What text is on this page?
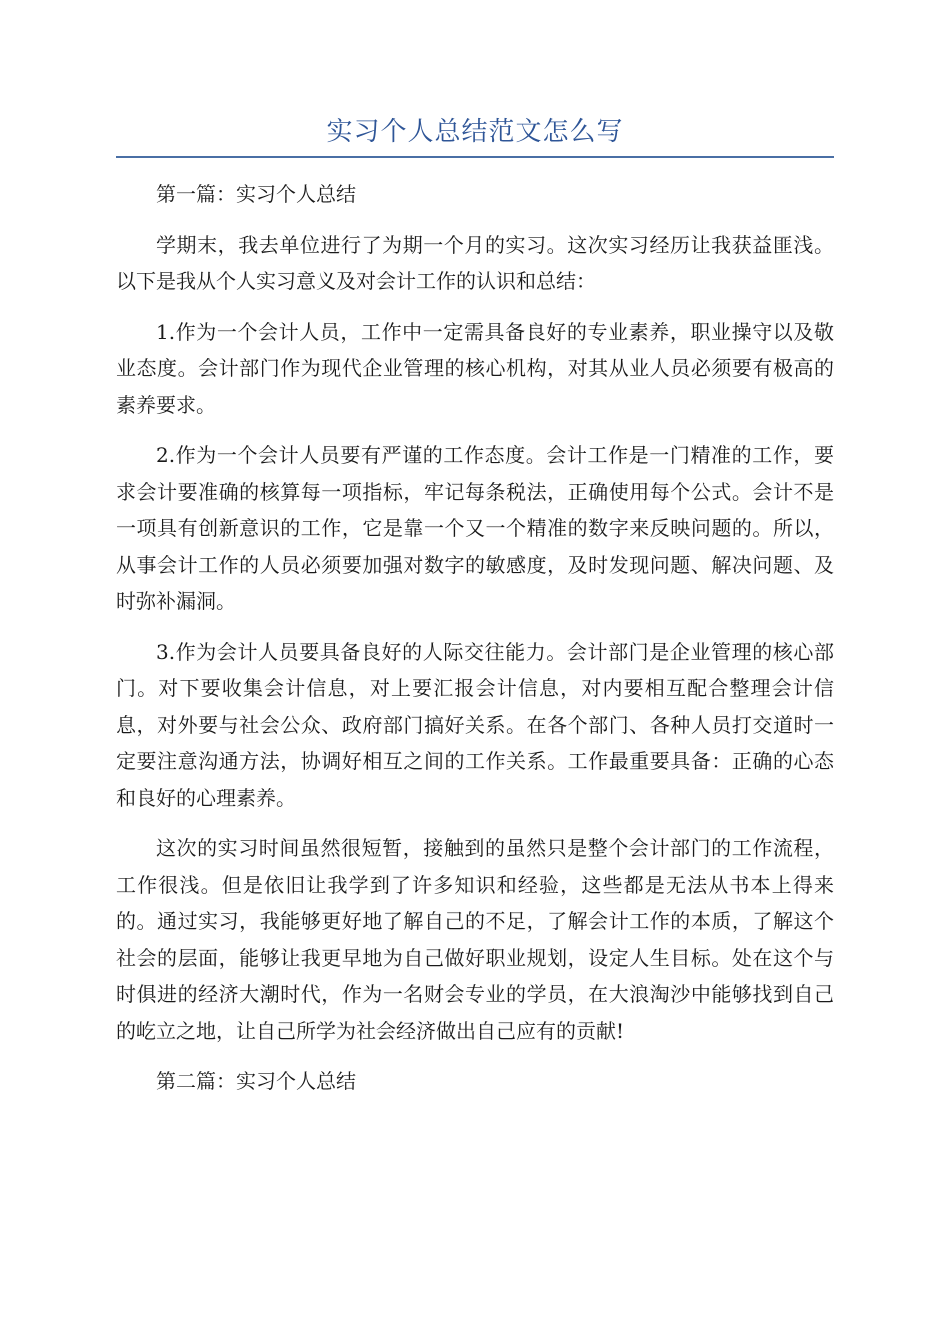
实习个人总结范文怎么写

第一篇：实习个人总结

学期末，我去单位进行了为期一个月的实习。这次实习经历让我获益匪浅。以下是我从个人实习意义及对会计工作的认识和总结：

1.作为一个会计人员，工作中一定需具备良好的专业素养，职业操守以及敬业态度。会计部门作为现代企业管理的核心机构，对其从业人员必须要有极高的素养要求。

2.作为一个会计人员要有严谨的工作态度。会计工作是一门精准的工作，要求会计要准确的核算每一项指标，牢记每条税法，正确使用每个公式。会计不是一项具有创新意识的工作，它是靠一个又一个精准的数字来反映问题的。所以，从事会计工作的人员必须要加强对数字的敏感度，及时发现问题、解决问题、及时弥补漏洞。

3.作为会计人员要具备良好的人际交往能力。会计部门是企业管理的核心部门。对下要收集会计信息，对上要汇报会计信息，对内要相互配合整理会计信息，对外要与社会公众、政府部门搞好关系。在各个部门、各种人员打交道时一定要注意沟通方法，协调好相互之间的工作关系。工作最重要具备：正确的心态和良好的心理素养。

这次的实习时间虽然很短暂，接触到的虽然只是整个会计部门的工作流程，工作很浅。但是依旧让我学到了许多知识和经验，这些都是无法从书本上得来的。通过实习，我能够更好地了解自己的不足，了解会计工作的本质，了解这个社会的层面，能够让我更早地为自己做好职业规划，设定人生目标。处在这个与时俱进的经济大潮时代，作为一名财会专业的学员，在大浪淘沙中能够找到自己的屹立之地，让自己所学为社会经济做出自己应有的贡献!

第二篇：实习个人总结
